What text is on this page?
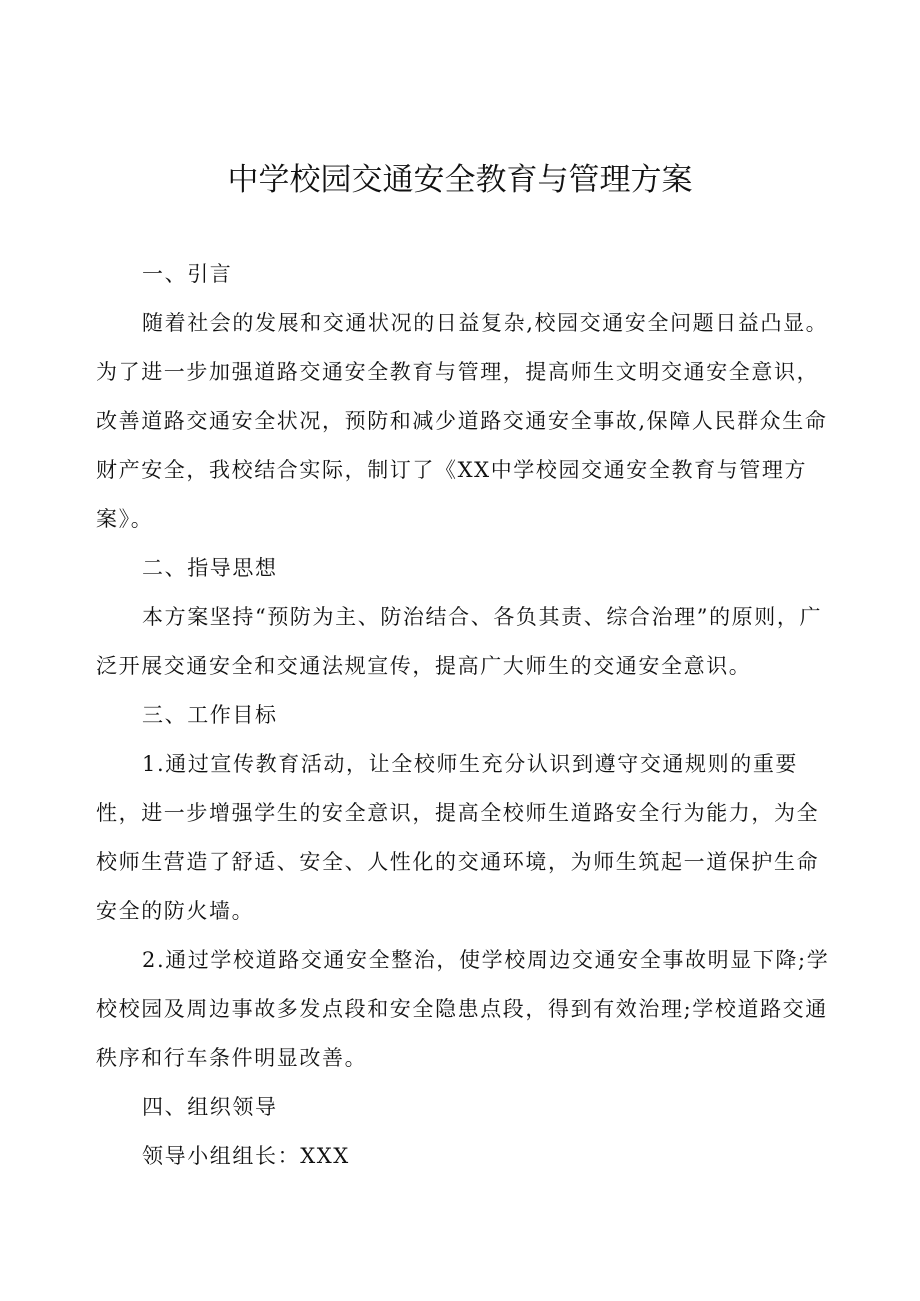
中学校园交通安全教育与管理方案

一、引言

随着社会的发展和交通状况的日益复杂,校园交通安全问题日益凸显。为了进一步加强道路交通安全教育与管理，提高师生文明交通安全意识，改善道路交通安全状况，预防和减少道路交通安全事故,保障人民群众生命财产安全，我校结合实际，制订了《XX中学校园交通安全教育与管理方案》。

二、指导思想

本方案坚持“预防为主、防治结合、各负其责、综合治理”的原则，广泛开展交通安全和交通法规宣传，提高广大师生的交通安全意识。

三、工作目标

1.通过宣传教育活动，让全校师生充分认识到遵守交通规则的重要性，进一步增强学生的安全意识，提高全校师生道路安全行为能力，为全校师生营造了舒适、安全、人性化的交通环境，为师生筑起一道保护生命安全的防火墙。

2.通过学校道路交通安全整治，使学校周边交通安全事故明显下降;学校校园及周边事故多发点段和安全隐患点段，得到有效治理;学校道路交通秩序和行车条件明显改善。

四、组织领导

领导小组组长：XXX
